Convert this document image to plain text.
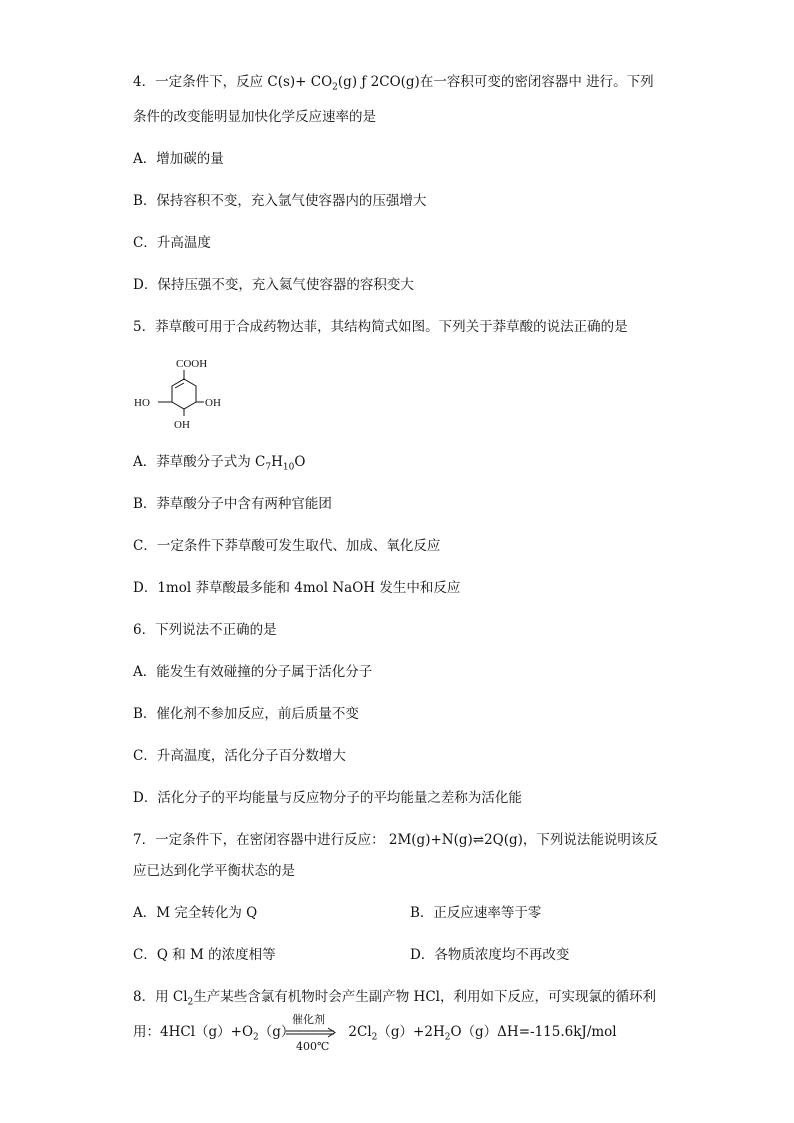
4．一定条件下，反应 $C(s)+ CO_2(g)$ ƒ 2CO(g)在一容积可变的密闭容器中 进行。下列
条件的改变能明显加快化学反应速率的是
A．增加碳的量
B．保持容积不变，充入氩气使容器内的压强增大
C．升高温度
D．保持压强不变，充入氦气使容器的容积变大
5．莽草酸可用于合成药物达菲，其结构简式如图。下列关于莽草酸的说法正确的是
COOH
HO	OH
OH
A．莽草酸分子式为 $C_7H_{10}O$
B．莽草酸分子中含有两种官能团
C．一定条件下莽草酸可发生取代、加成、氧化反应
D．1mol 莽草酸最多能和 4mol NaOH 发生中和反应
6．下列说法不正确的是
A．能发生有效碰撞的分子属于活化分子
B．催化剂不参加反应，前后质量不变
C．升高温度，活化分子百分数增大
D．活化分子的平均能量与反应物分子的平均能量之差称为活化能
7．一定条件下，在密闭容器中进行反应： 2M(g)+N(g)⇌2Q(g)，下列说法能说明该反
应已达到化学平衡状态的是
A．M 完全转化为 Q	B．正反应速率等于零
C．Q 和 M 的浓度相等	D．各物质浓度均不再改变
8．用 $Cl_2$生产某些含氯有机物时会产生副产物 HCl，利用如下反应，可实现氯的循环利
用：$4HCl(g)+O_2(g)$	$2Cl_2(g)+2H_2O(g)\Delta H=-115.6kJ$/mol
催化剂
400℃
